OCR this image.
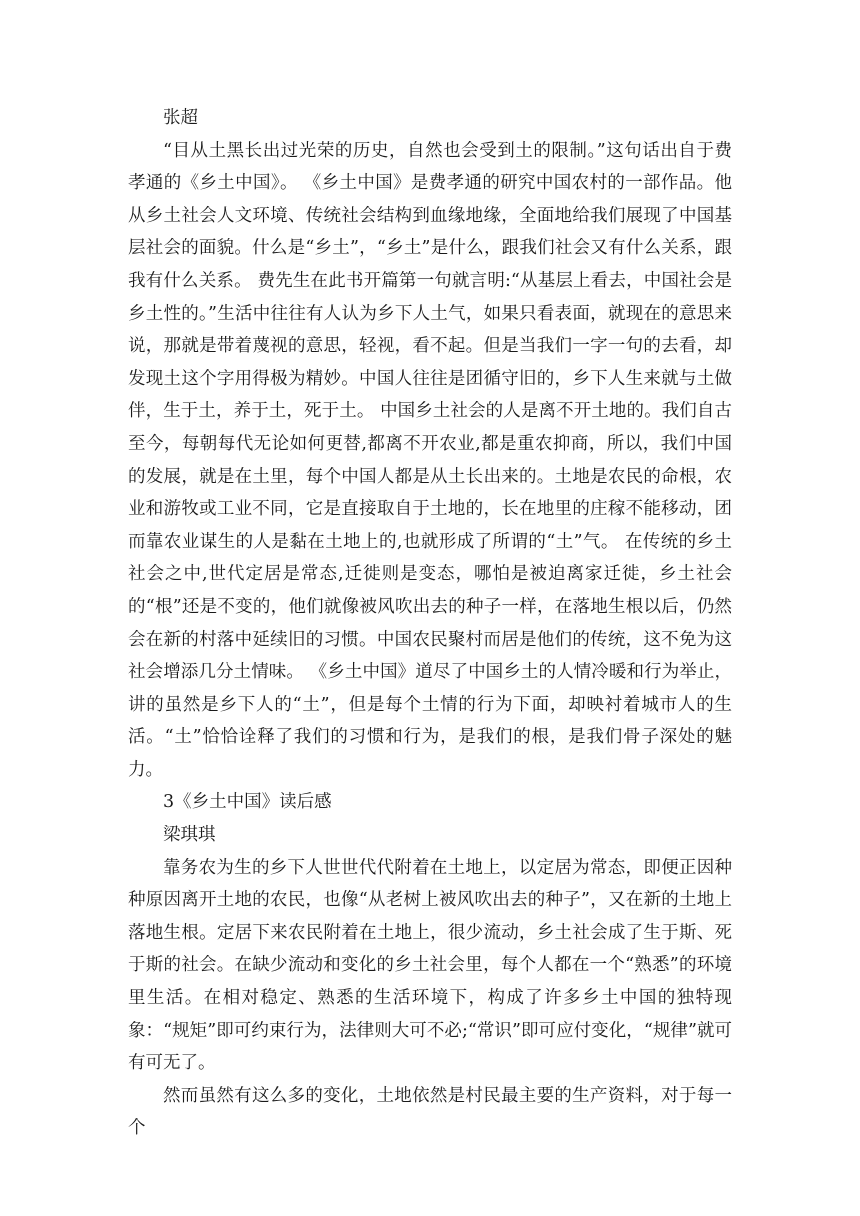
张超

“目从土黑长出过光荣的历史，自然也会受到土的限制。”这句话出自于费孝通的《乡土中国》。 《乡土中国》是费孝通的研究中国农村的一部作品。他从乡土社会人文环境、传统社会结构到血缘地缘，全面地给我们展现了中国基层社会的面貌。什么是“乡土”，“乡土”是什么，跟我们社会又有什么关系，跟我有什么关系。 费先生在此书开篇第一句就言明:“从基层上看去，中国社会是乡土性的。”生活中往往有人认为乡下人土气，如果只看表面，就现在的意思来说，那就是带着蔑视的意思，轻视，看不起。但是当我们一字一句的去看，却发现土这个字用得极为精妙。中国人往往是团循守旧的，乡下人生来就与土做伴，生于土，养于土，死于土。 中国乡土社会的人是离不开土地的。我们自古至今，每朝每代无论如何更替,都离不开农业,都是重农抑商，所以，我们中国的发展，就是在土里，每个中国人都是从土长出来的。土地是农民的命根，农业和游牧或工业不同，它是直接取自于土地的，长在地里的庄稼不能移动，团而靠农业谋生的人是黏在土地上的,也就形成了所谓的“土”气。 在传统的乡土社会之中,世代定居是常态,迁徙则是变态，哪怕是被迫离家迁徙，乡土社会的“根”还是不变的，他们就像被风吹出去的种子一样，在落地生根以后，仍然会在新的村落中延续旧的习惯。中国农民聚村而居是他们的传统，这不免为这社会增添几分土情味。 《乡土中国》道尽了中国乡土的人情冷暖和行为举止，讲的虽然是乡下人的“土”，但是每个土情的行为下面，却映衬着城市人的生活。“土”恰恰诠释了我们的习惯和行为，是我们的根，是我们骨子深处的魅力。

3《乡土中国》读后感

梁琪琪

靠务农为生的乡下人世世代代附着在土地上，以定居为常态，即便正因种种原因离开土地的农民，也像“从老树上被风吹出去的种子”，又在新的土地上落地生根。定居下来农民附着在土地上，很少流动，乡土社会成了生于斯、死于斯的社会。在缺少流动和变化的乡土社会里，每个人都在一个“熟悉”的环境里生活。在相对稳定、熟悉的生活环境下，构成了许多乡土中国的独特现象：“规矩”即可约束行为，法律则大可不必;“常识”即可应付变化，“规律”就可有可无了。

然而虽然有这么多的变化，土地依然是村民最主要的生产资料，对于每一个
